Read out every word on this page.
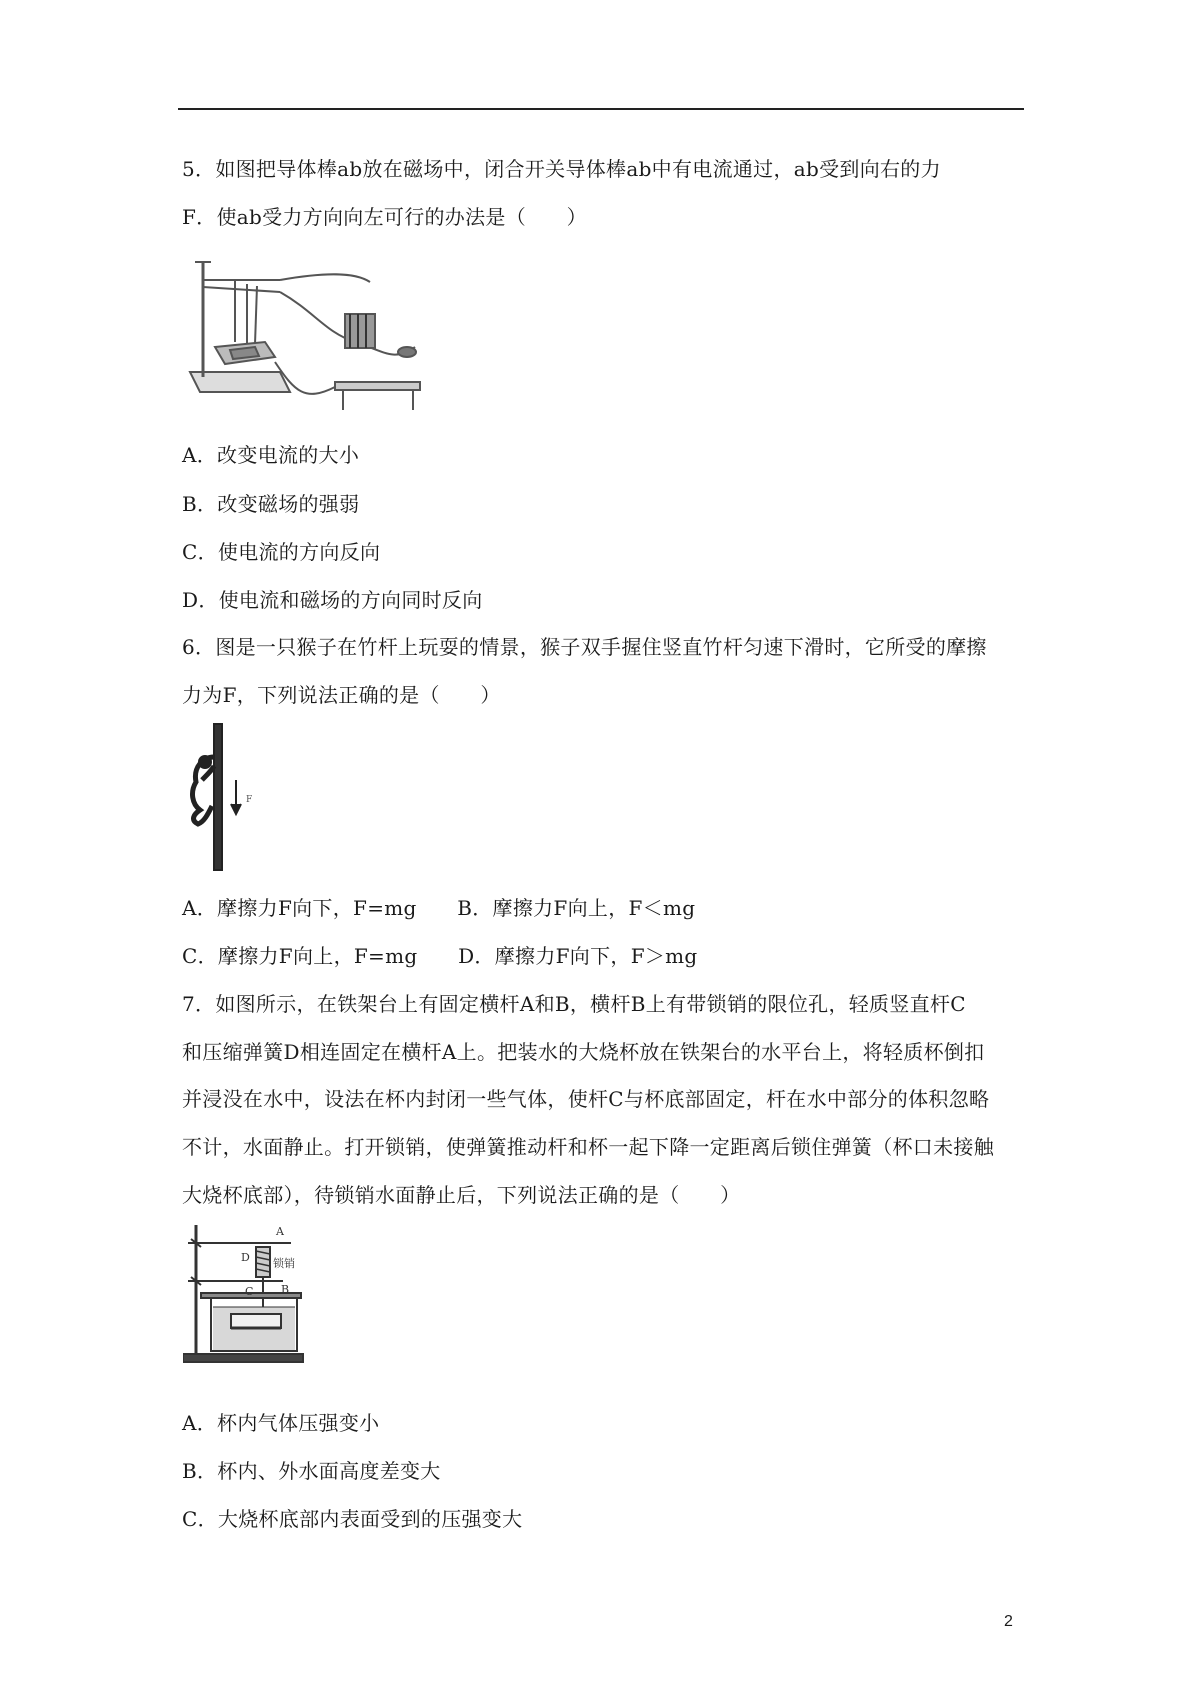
5．如图把导体棒ab放在磁场中，闭合开关导体棒ab中有电流通过，ab受到向右的力
F．使ab受力方向向左可行的办法是（　　）
A．改变电流的大小
B．改变磁场的强弱
C．使电流的方向反向
D．使电流和磁场的方向同时反向
6．图是一只猴子在竹杆上玩耍的情景，猴子双手握住竖直竹杆匀速下滑时，它所受的摩擦
力为F，下列说法正确的是（　　）
F
A．摩擦力F向下，F=mg　　B．摩擦力F向上，F＜mg
C．摩擦力F向上，F=mg　　D．摩擦力F向下，F＞mg
7．如图所示，在铁架台上有固定横杆A和B，横杆B上有带锁销的限位孔，轻质竖直杆C
和压缩弹簧D相连固定在横杆A上。把装水的大烧杯放在铁架台的水平台上，将轻质杯倒扣
并浸没在水中，设法在杯内封闭一些气体，使杆C与杯底部固定，杆在水中部分的体积忽略
不计，水面静止。打开锁销，使弹簧推动杆和杯一起下降一定距离后锁住弹簧（杯口未接触
大烧杯底部），待锁销水面静止后，下列说法正确的是（　　）
A
D 锁销
B
C
A．杯内气体压强变小
B．杯内、外水面高度差变大
C．大烧杯底部内表面受到的压强变大
2
